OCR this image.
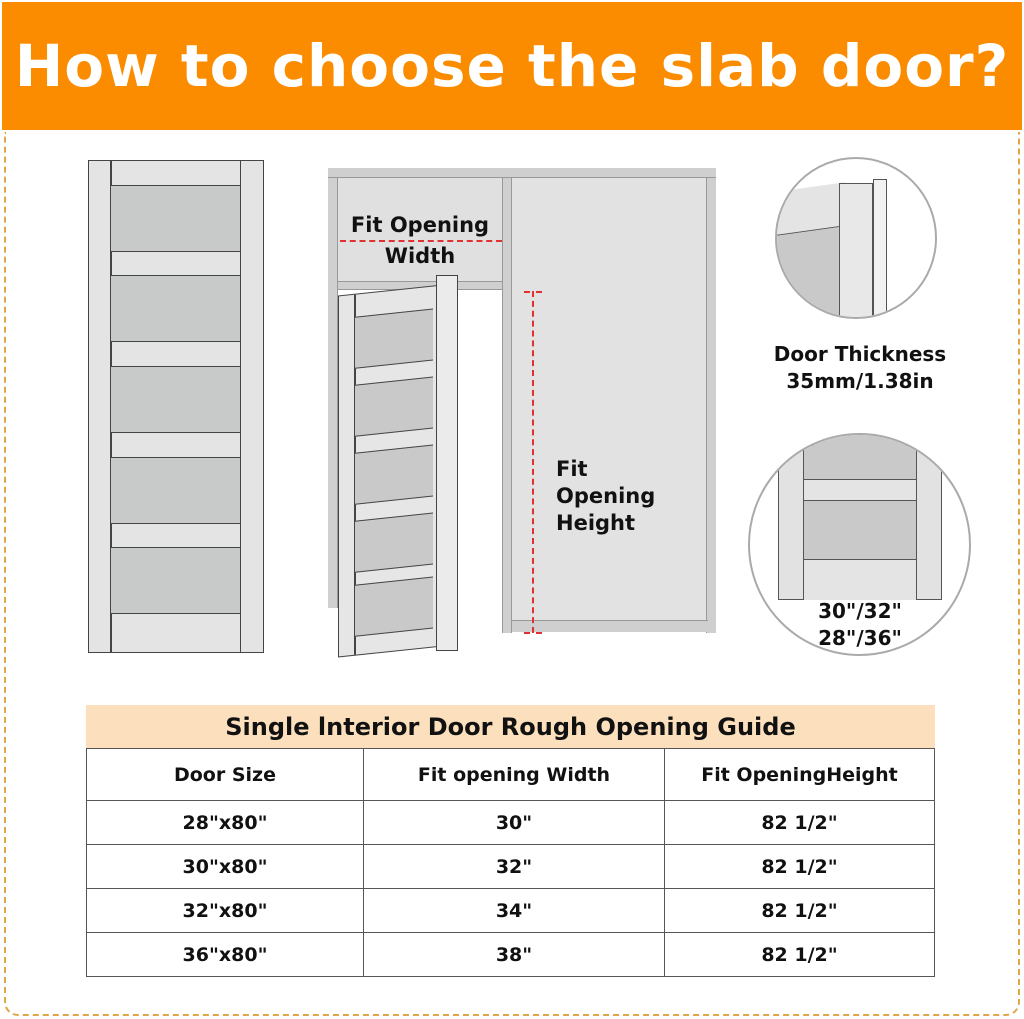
How to choose the slab door?
Fit Opening
Width
Fit
Opening
Height
Door Thickness
35mm/1.38in
30"/32"
28"/36"
Single lnterior Door Rough Opening Guide
Door Size	Fit opening Width	Fit OpeningHeight
28"x80"	30"	82 1/2"
30"x80"	32"	82 1/2"
32"x80"	34"	82 1/2"
36"x80"	38"	82 1/2"
